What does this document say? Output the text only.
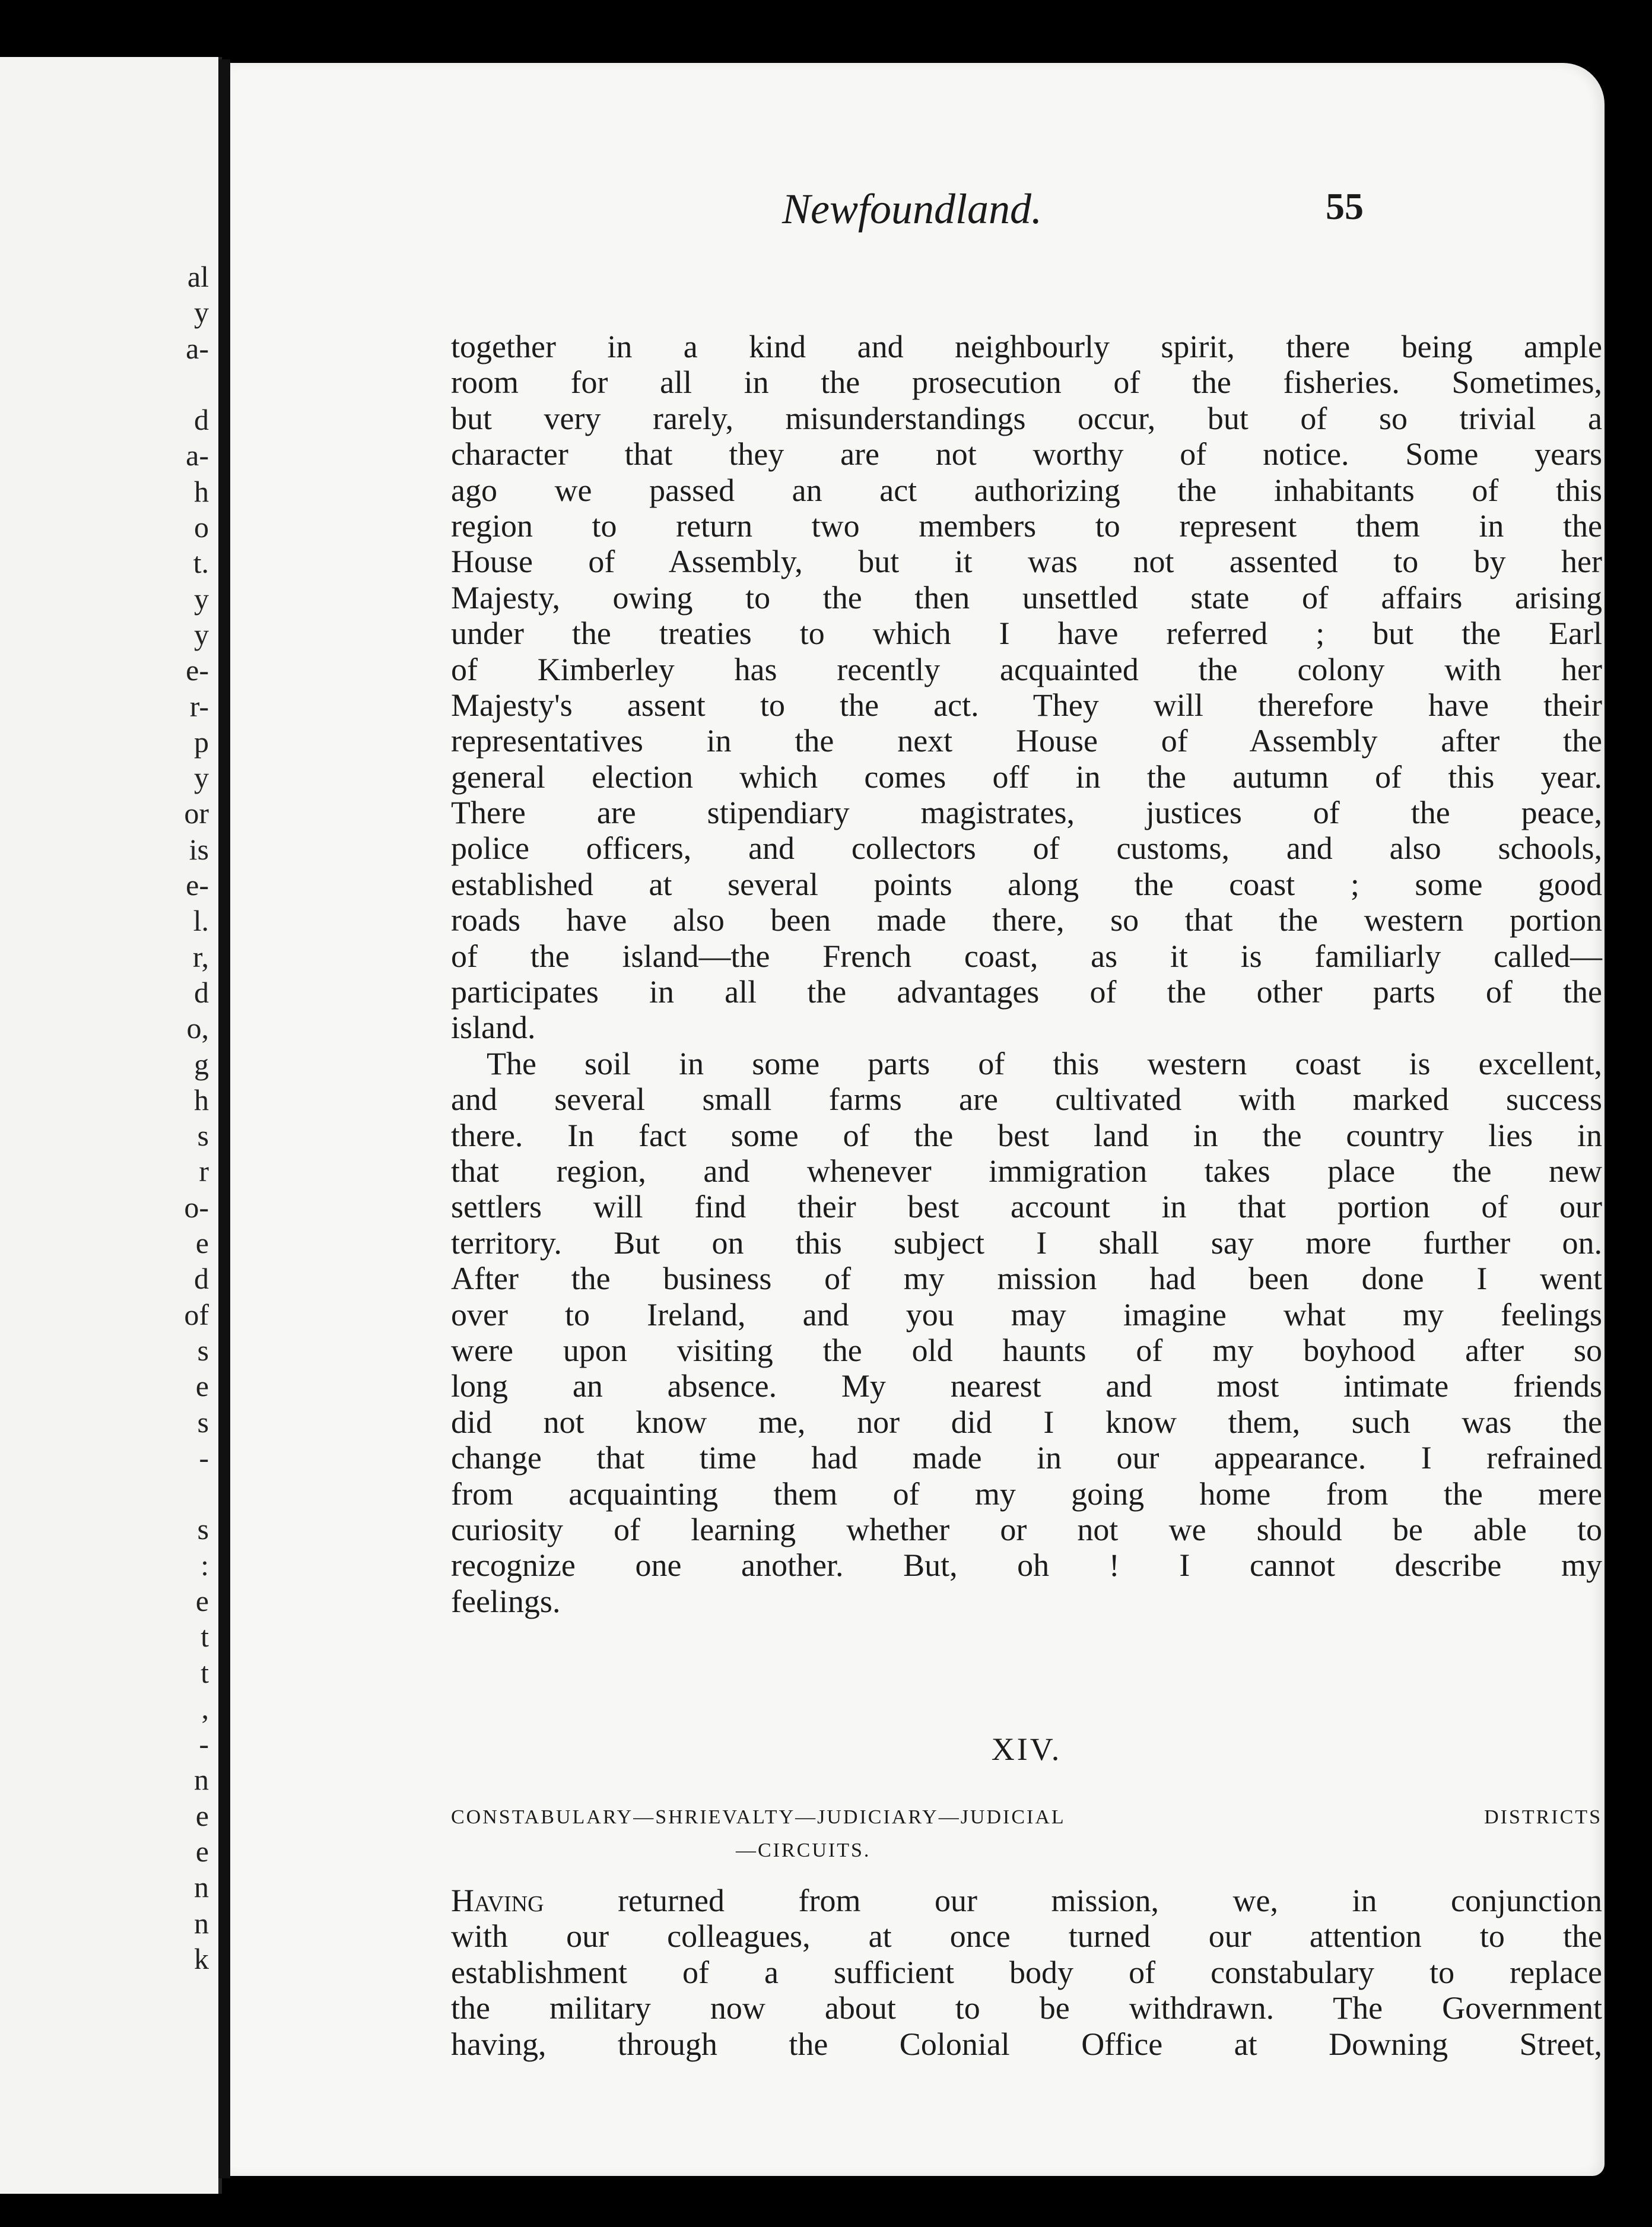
al
y
a-
d
a-
h
o
t.
y
y
e-
r-
p
y
or
is
e-
l.
r,
d
o,
g
h
s
r
o-
e
d
of
s
e
s
-
s
:
e
t
t
,
-
n
e
e
n
n
k
Newfoundland.	55

together in a kind and neighbourly spirit, there being ample
room for all in the prosecution of the fisheries. Sometimes,
but very rarely, misunderstandings occur, but of so trivial a
character that they are not worthy of notice. Some years
ago we passed an act authorizing the inhabitants of this
region to return two members to represent them in the
House of Assembly, but it was not assented to by her
Majesty, owing to the then unsettled state of affairs arising
under the treaties to which I have referred ; but the Earl
of Kimberley has recently acquainted the colony with her
Majesty's assent to the act. They will therefore have their
representatives in the next House of Assembly after the
general election which comes off in the autumn of this year.
There are stipendiary magistrates, justices of the peace,
police officers, and collectors of customs, and also schools,
established at several points along the coast ; some good
roads have also been made there, so that the western portion
of the island—the French coast, as it is familiarly called—
participates in all the advantages of the other parts of the
island.

The soil in some parts of this western coast is excellent,
and several small farms are cultivated with marked success
there. In fact some of the best land in the country lies in
that region, and whenever immigration takes place the new
settlers will find their best account in that portion of our
territory. But on this subject I shall say more further on.
After the business of my mission had been done I went
over to Ireland, and you may imagine what my feelings
were upon visiting the old haunts of my boyhood after so
long an absence. My nearest and most intimate friends
did not know me, nor did I know them, such was the
change that time had made in our appearance. I refrained
from acquainting them of my going home from the mere
curiosity of learning whether or not we should be able to
recognize one another. But, oh ! I cannot describe my
feelings.

XIV.
CONSTABULARY—SHRIEVALTY—JUDICIARY—JUDICIAL DISTRICTS
—CIRCUITS.

Having returned from our mission, we, in conjunction
with our colleagues, at once turned our attention to the
establishment of a sufficient body of constabulary to replace
the military now about to be withdrawn. The Government
having, through the Colonial Office at Downing Street,
